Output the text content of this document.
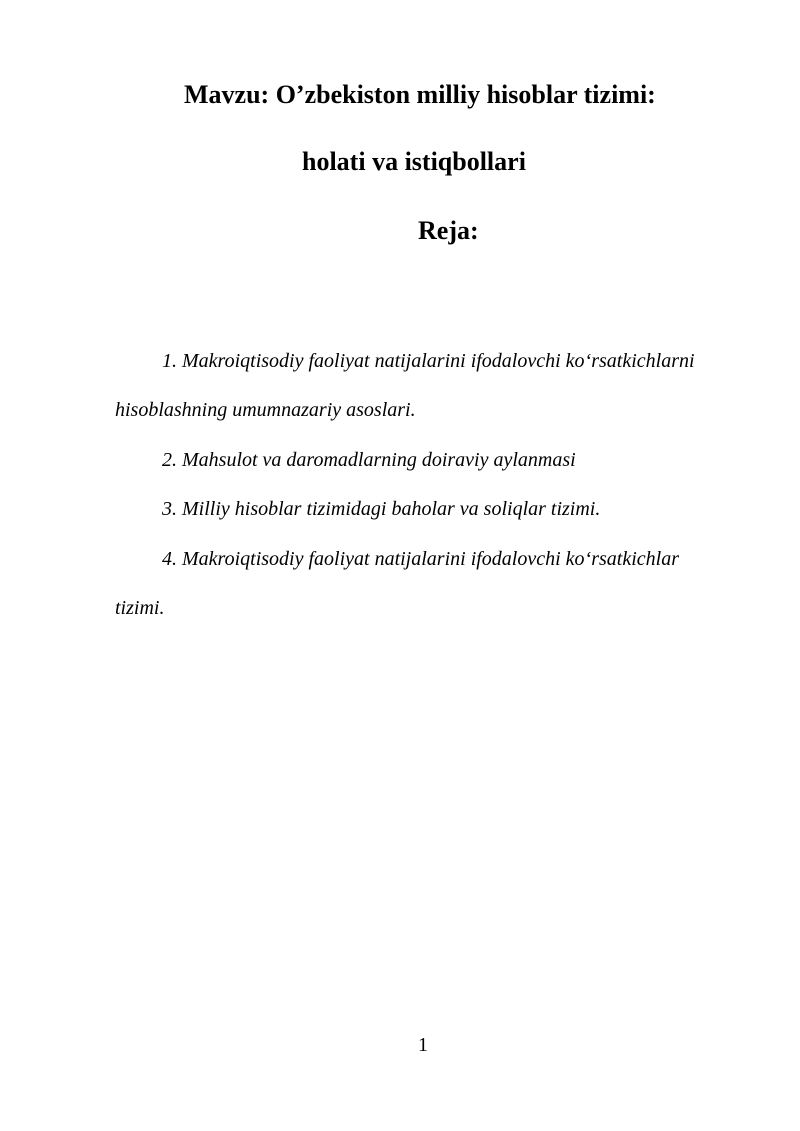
Mavzu: O’zbekiston milliy hisoblar tizimi:
holati va istiqbollari
Reja:
1. Makroiqtisodiy faoliyat natijalarini ifodalovchi ko‘rsatkichlarni
hisoblashning umumnazariy asoslari.
2. Mahsulot va daromadlarning doiraviy aylanmasi
3. Milliy hisoblar tizimidagi baholar va soliqlar tizimi.
4. Makroiqtisodiy faoliyat natijalarini ifodalovchi ko‘rsatkichlar
tizimi.
1
